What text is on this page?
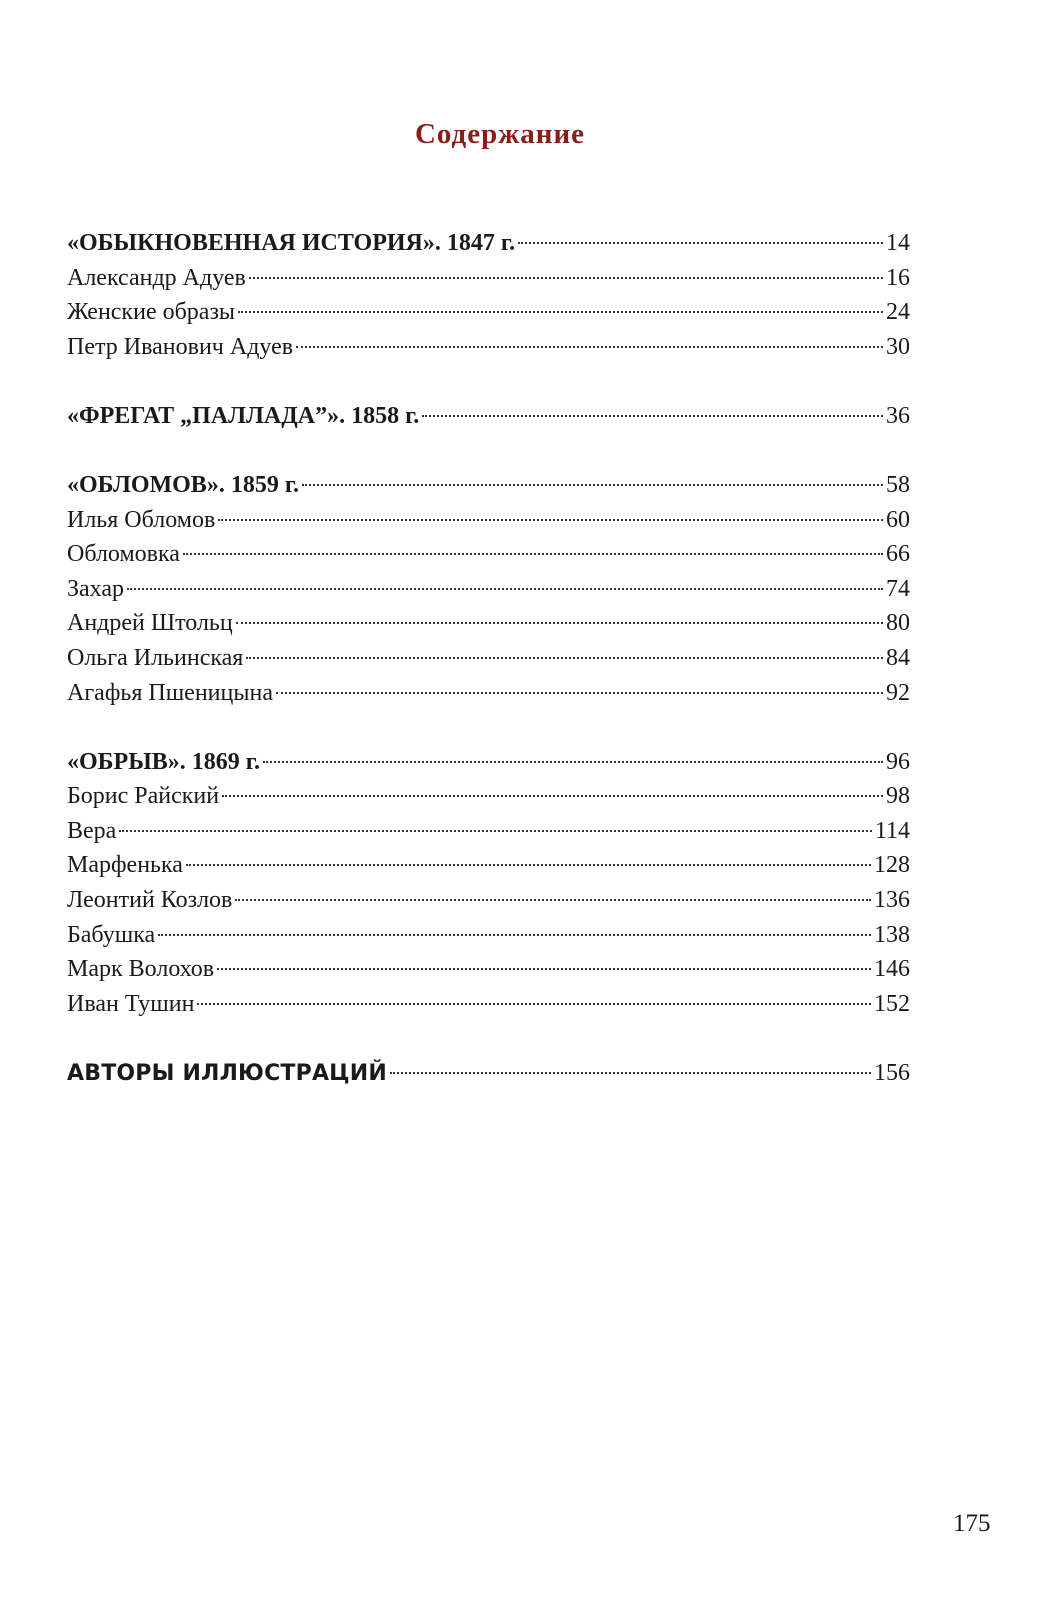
Содержание
«ОБЫКНОВЕННАЯ ИСТОРИЯ». 1847 г.	14
Александр Адуев	16
Женские образы	24
Петр Иванович Адуев	30
«ФРЕГАТ „ПАЛЛАДА”». 1858 г.	36
«ОБЛОМОВ». 1859 г.	58
Илья Обломов	60
Обломовка	66
Захар	74
Андрей Штольц	80
Ольга Ильинская	84
Агафья Пшеницына	92
«ОБРЫВ». 1869 г.	96
Борис Райский	98
Вера	114
Марфенька	128
Леонтий Козлов	136
Бабушка	138
Марк Волохов	146
Иван Тушин	152
АВТОРЫ ИЛЛЮСТРАЦИЙ	156
175
